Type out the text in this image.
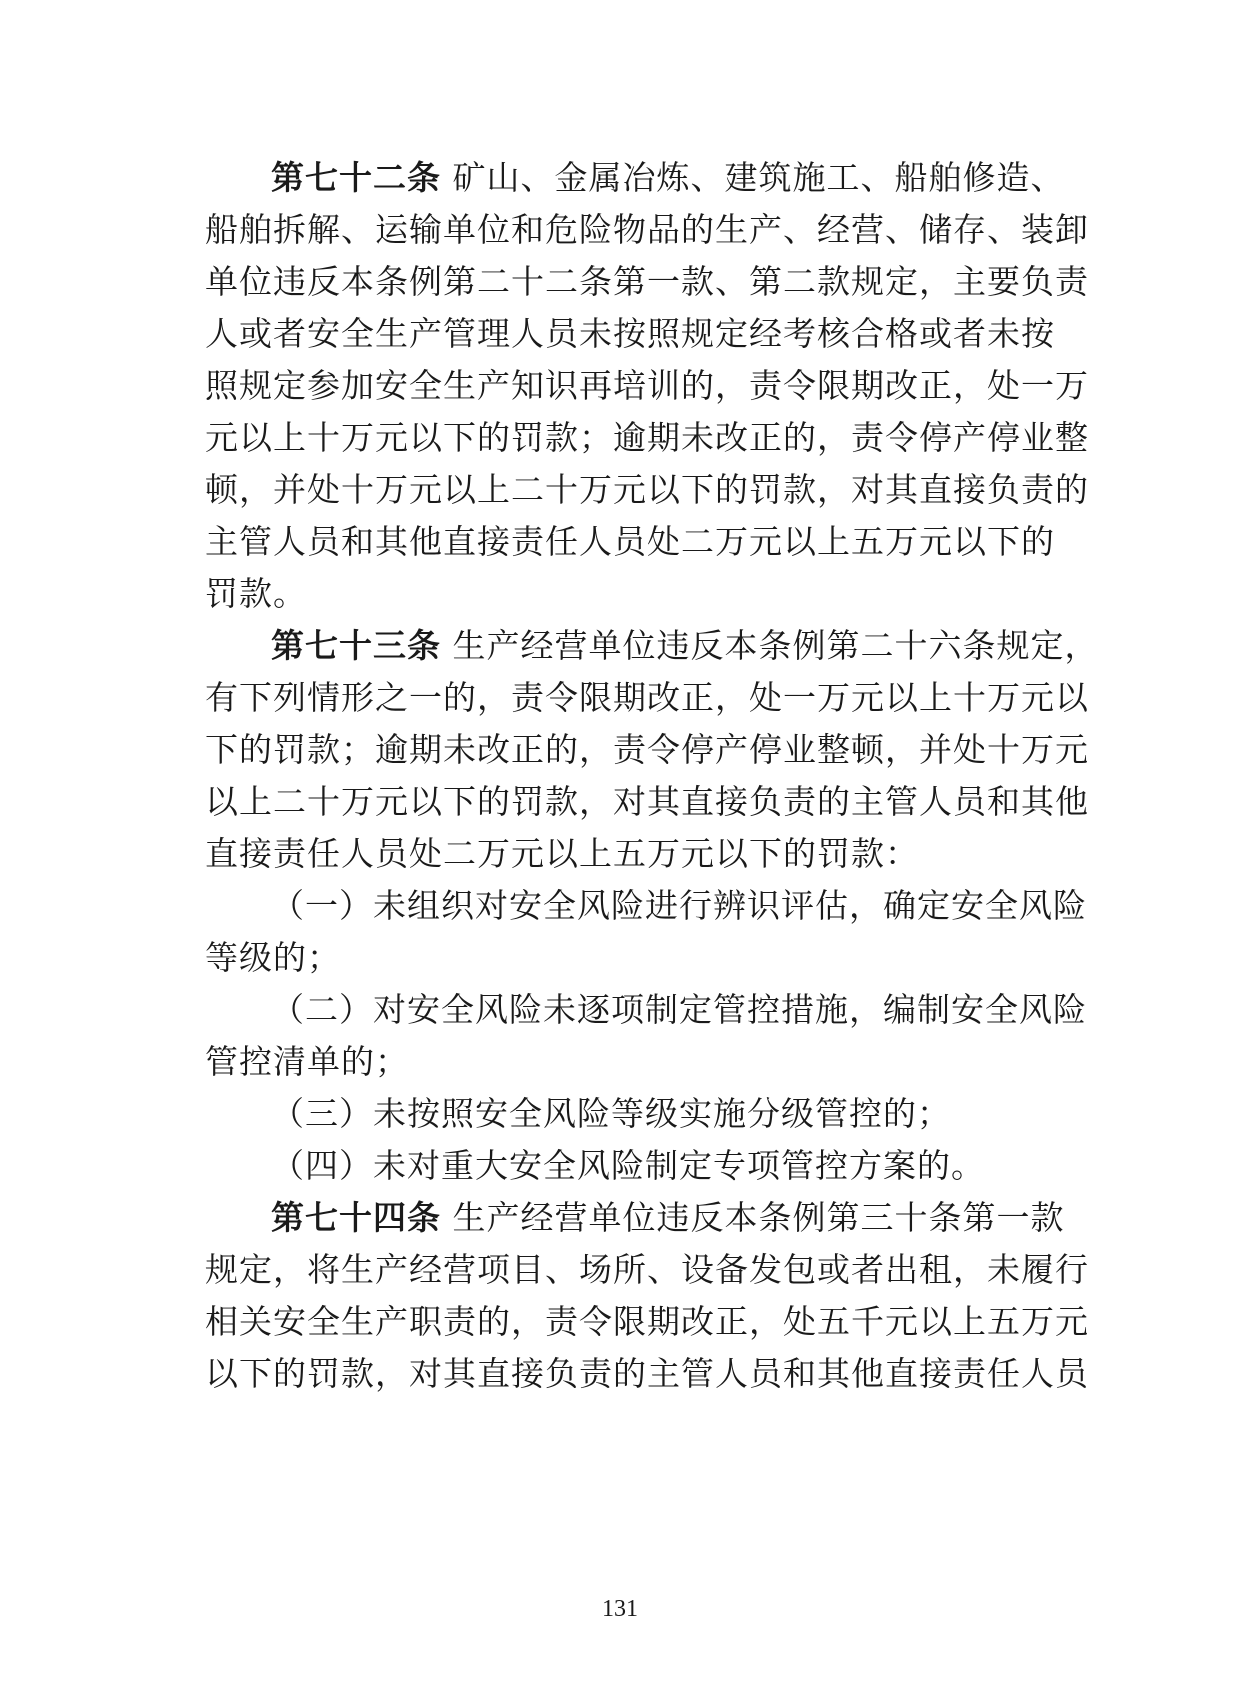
第七十二条 矿山、金属冶炼、建筑施工、船舶修造、
船舶拆解、运输单位和危险物品的生产、经营、储存、装卸
单位违反本条例第二十二条第一款、第二款规定，主要负责
人或者安全生产管理人员未按照规定经考核合格或者未按
照规定参加安全生产知识再培训的，责令限期改正，处一万
元以上十万元以下的罚款；逾期未改正的，责令停产停业整
顿，并处十万元以上二十万元以下的罚款，对其直接负责的
主管人员和其他直接责任人员处二万元以上五万元以下的
罚款。
第七十三条 生产经营单位违反本条例第二十六条规定，
有下列情形之一的，责令限期改正，处一万元以上十万元以
下的罚款；逾期未改正的，责令停产停业整顿，并处十万元
以上二十万元以下的罚款，对其直接负责的主管人员和其他
直接责任人员处二万元以上五万元以下的罚款：
（一）未组织对安全风险进行辨识评估，确定安全风险
等级的；
（二）对安全风险未逐项制定管控措施，编制安全风险
管控清单的；
（三）未按照安全风险等级实施分级管控的；
（四）未对重大安全风险制定专项管控方案的。
第七十四条 生产经营单位违反本条例第三十条第一款
规定，将生产经营项目、场所、设备发包或者出租，未履行
相关安全生产职责的，责令限期改正，处五千元以上五万元
以下的罚款，对其直接负责的主管人员和其他直接责任人员
131
